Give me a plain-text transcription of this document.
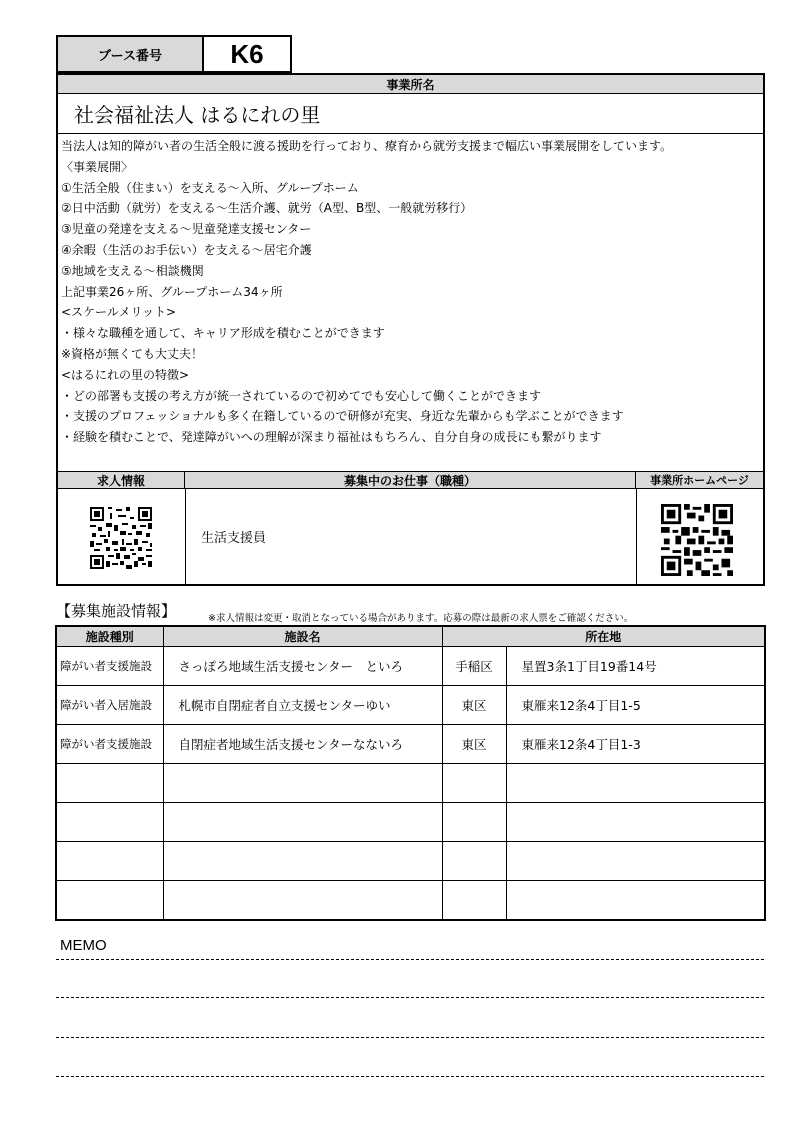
ブース番号	K6
事業所名
社会福祉法人 はるにれの里
当法人は知的障がい者の生活全般に渡る援助を行っており、療育から就労支援まで幅広い事業展開をしています。
〈事業展開〉
①生活全般（住まい）を支える～入所、グループホーム
②日中活動（就労）を支える～生活介護、就労（A型、B型、一般就労移行）
③児童の発達を支える～児童発達支援センター
④余暇（生活のお手伝い）を支える～居宅介護
⑤地域を支える～相談機関
上記事業26ヶ所、グループホーム34ヶ所
<スケールメリット>
・様々な職種を通して、キャリア形成を積むことができます
※資格が無くても大丈夫！
<はるにれの里の特徴>
・どの部署も支援の考え方が統一されているので初めてでも安心して働くことができます
・支援のプロフェッショナルも多く在籍しているので研修が充実、身近な先輩からも学ぶことができます
・経験を積むことで、発達障がいへの理解が深まり福祉はもちろん、自分自身の成長にも繋がります
求人情報	募集中のお仕事（職種）	事業所ホームページ
生活支援員
【募集施設情報】	※求人情報は変更・取消となっている場合があります。応募の際は最新の求人票をご確認ください。
施設種別	施設名	所在地	
障がい者支援施設	さっぽろ地域生活支援センター　といろ	手稲区	星置3条1丁目19番14号
障がい者入居施設	札幌市自閉症者自立支援センターゆい	東区	東雁来12条4丁目1-5
障がい者支援施設	自閉症者地域生活支援センターなないろ	東区	東雁来12条4丁目1-3

MEMO
